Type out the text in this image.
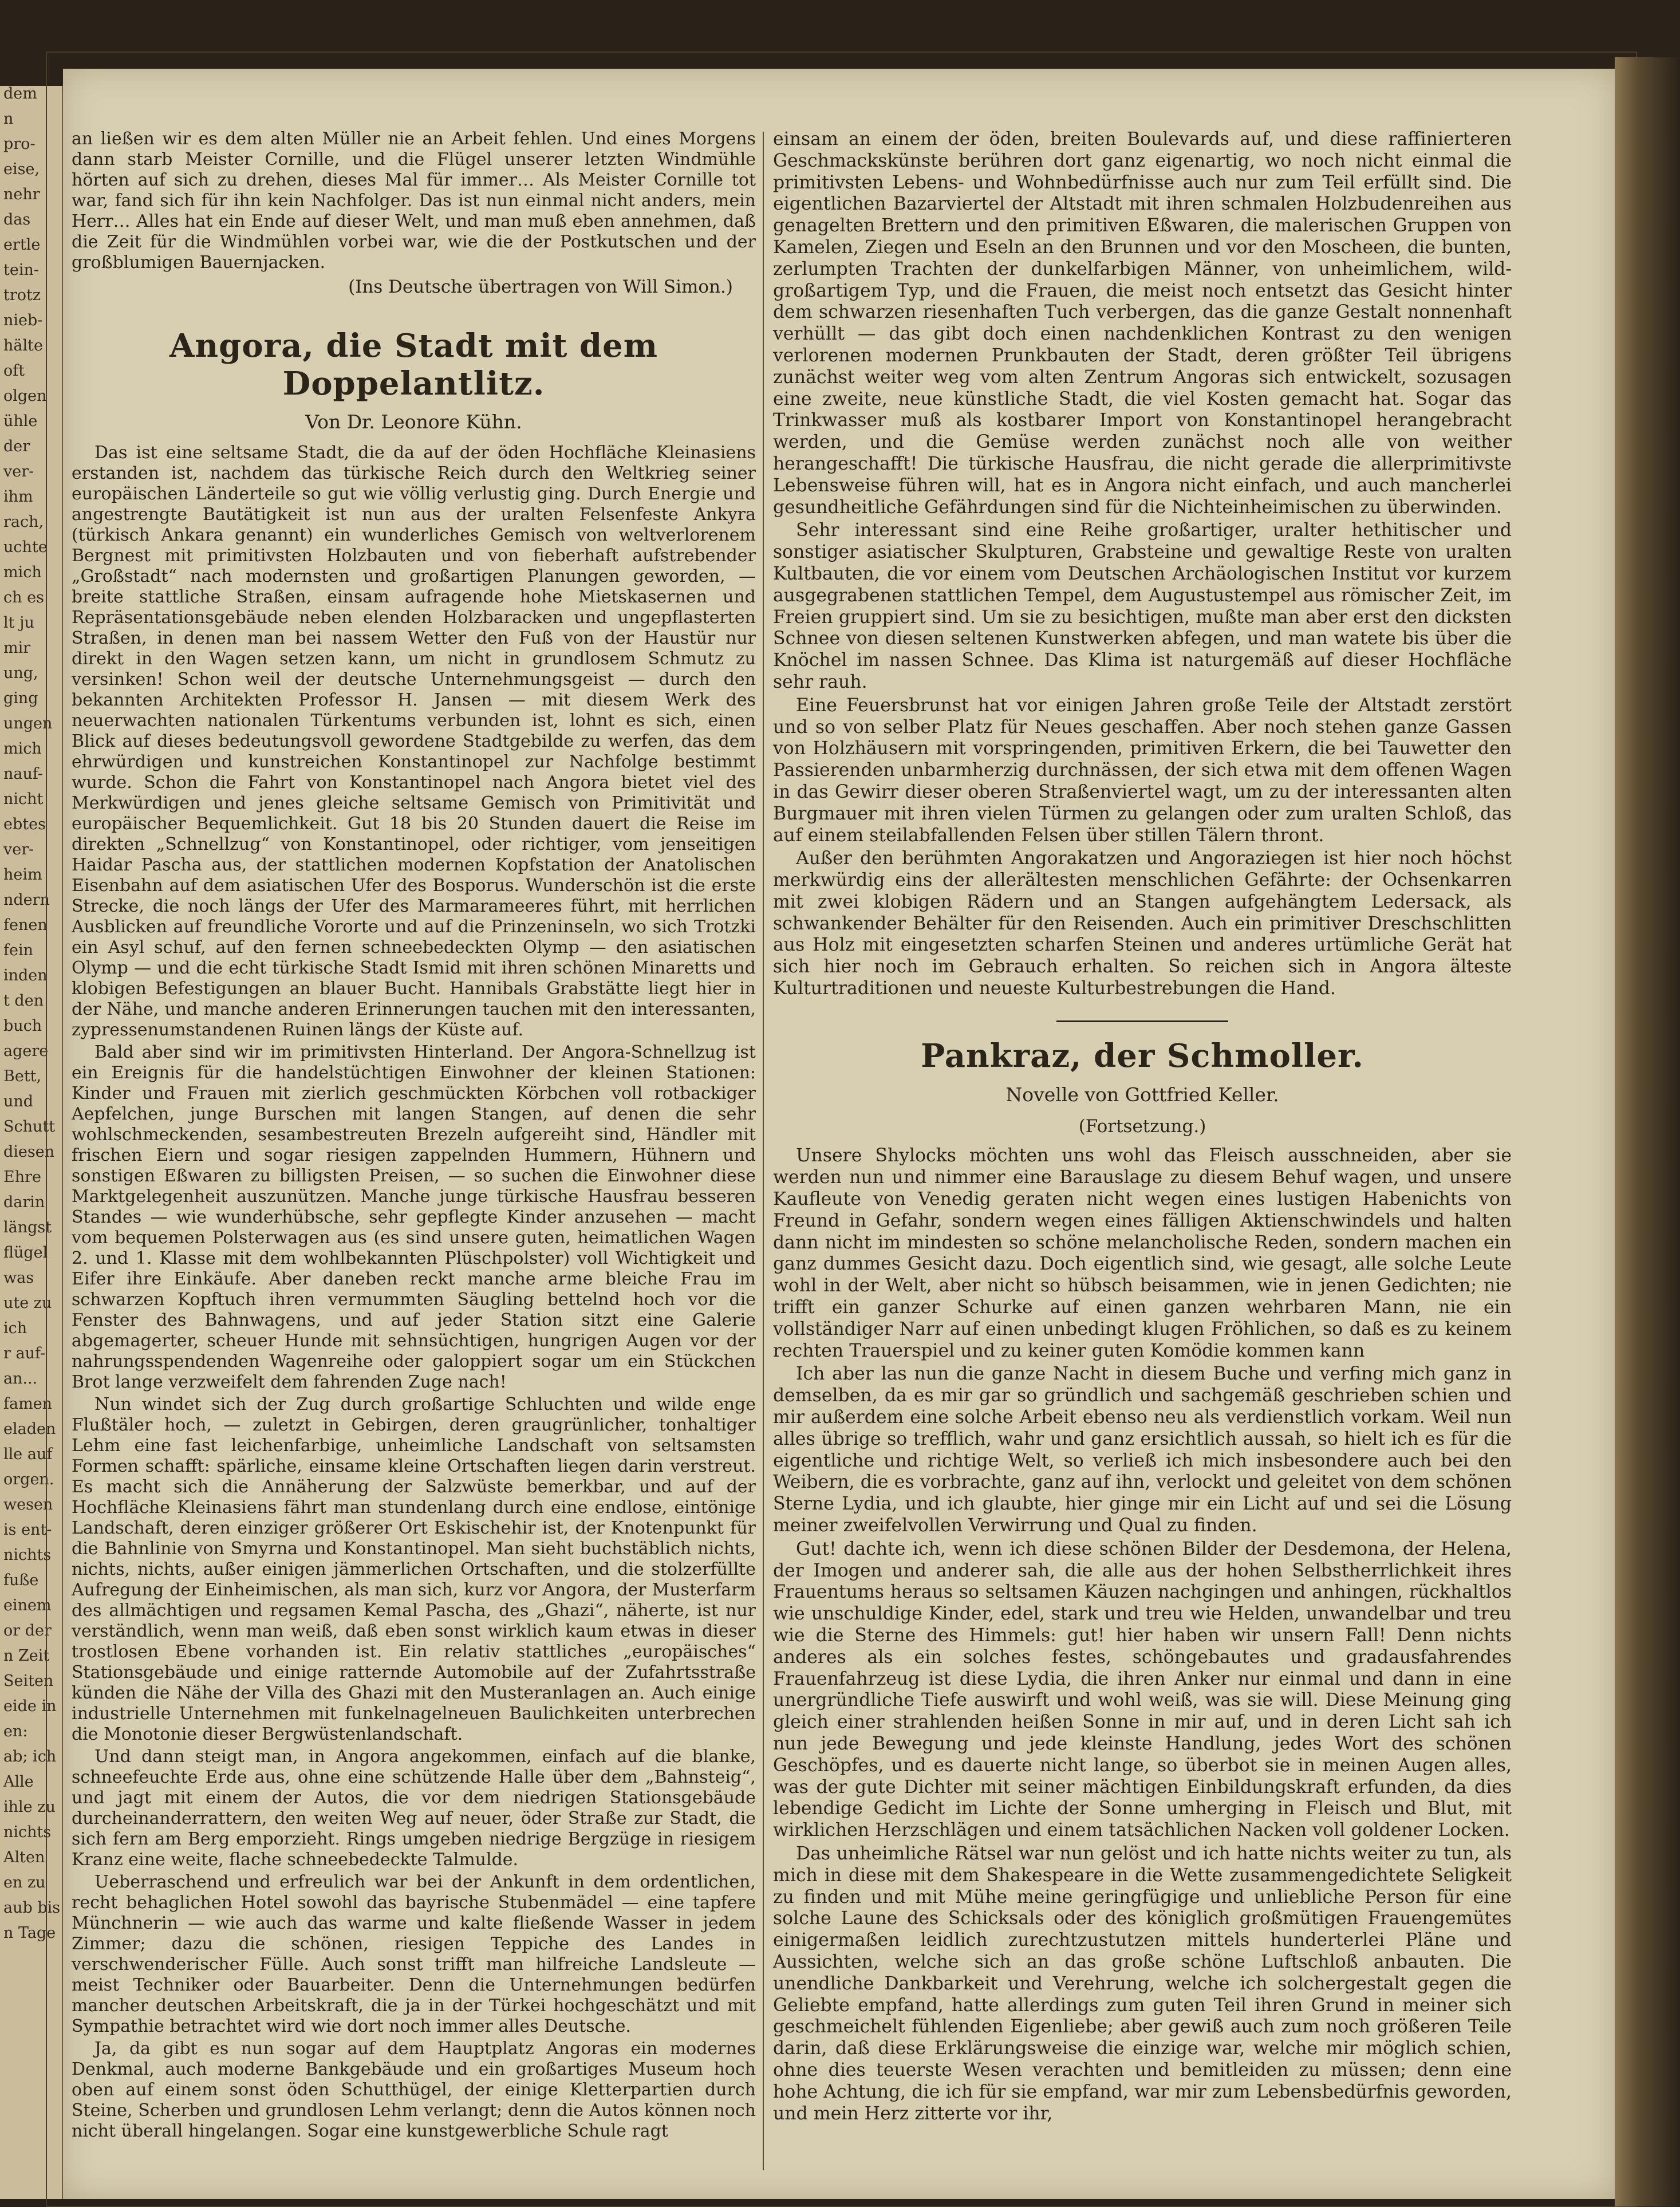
dem
n
pro-
eise,
nehr
das
ertle
tein-
trotz
nieb-
hälte
oft
olgen
ühle
der
ver-
ihm
rach,
uchte
mich
ch es
lt ju
mir
ung,
ging
ungen
mich
nauf-
nicht
ebtes
ver-
heim
ndern
fenen
fein
inden
t den
buch
agere
Bett,
und
Schutt
diesen
Ehre
darin
längst
flügel
was
ute zu
ich
r auf-
an...
famen
eladen
lle auf
orgen.
wesen
is ent-
nichts
fuße
einem
or der
n Zeit
Seiten
eide in
en:
ab; ich
Alle
ihle zu
nichts
Alten
en zu
aub bis
n Tage

an ließen wir es dem alten Müller nie an Arbeit fehlen. Und eines Morgens dann starb Meister Cornille, und die Flügel unserer letzten Windmühle hörten auf sich zu drehen, dieses Mal für immer… Als Meister Cornille tot war, fand sich für ihn kein Nachfolger. Das ist nun einmal nicht anders, mein Herr… Alles hat ein Ende auf dieser Welt, und man muß eben annehmen, daß die Zeit für die Windmühlen vorbei war, wie die der Postkutschen und der großblumigen Bauernjacken.

(Ins Deutsche übertragen von Will Simon.)
Angora, die Stadt mit dem Doppelantlitz.
Von Dr. Leonore Kühn.

Das ist eine seltsame Stadt, die da auf der öden Hochfläche Kleinasiens erstanden ist, nachdem das türkische Reich durch den Weltkrieg seiner europäischen Länderteile so gut wie völlig verlustig ging. Durch Energie und angestrengte Bautätigkeit ist nun aus der uralten Felsenfeste Ankyra (türkisch Ankara genannt) ein wunderliches Gemisch von weltverlorenem Bergnest mit primitivsten Holzbauten und von fieberhaft aufstrebender „Großstadt“ nach modernsten und großartigen Planungen geworden, — breite stattliche Straßen, einsam aufragende hohe Mietskasernen und Repräsentationsgebäude neben elenden Holzbaracken und ungepflasterten Straßen, in denen man bei nassem Wetter den Fuß von der Haustür nur direkt in den Wagen setzen kann, um nicht in grundlosem Schmutz zu versinken! Schon weil der deutsche Unternehmungsgeist — durch den bekannten Architekten Professor H. Jansen — mit diesem Werk des neuerwachten nationalen Türkentums verbunden ist, lohnt es sich, einen Blick auf dieses bedeutungsvoll gewordene Stadtgebilde zu werfen, das dem ehrwürdigen und kunstreichen Konstantinopel zur Nachfolge bestimmt wurde. Schon die Fahrt von Konstantinopel nach Angora bietet viel des Merkwürdigen und jenes gleiche seltsame Gemisch von Primitivität und europäischer Bequemlichkeit. Gut 18 bis 20 Stunden dauert die Reise im direkten „Schnellzug“ von Konstantinopel, oder richtiger, vom jenseitigen Haidar Pascha aus, der stattlichen modernen Kopfstation der Anatolischen Eisenbahn auf dem asiatischen Ufer des Bosporus. Wunderschön ist die erste Strecke, die noch längs der Ufer des Marmarameeres führt, mit herrlichen Ausblicken auf freundliche Vororte und auf die Prinzeninseln, wo sich Trotzki ein Asyl schuf, auf den fernen schneebedeckten Olymp — den asiatischen Olymp — und die echt türkische Stadt Ismid mit ihren schönen Minaretts und klobigen Befestigungen an blauer Bucht. Hannibals Grabstätte liegt hier in der Nähe, und manche anderen Erinnerungen tauchen mit den interessanten, zypressenumstandenen Ruinen längs der Küste auf.

Bald aber sind wir im primitivsten Hinterland. Der Angora-Schnellzug ist ein Ereignis für die handelstüchtigen Einwohner der kleinen Stationen: Kinder und Frauen mit zierlich geschmückten Körbchen voll rotbackiger Aepfelchen, junge Burschen mit langen Stangen, auf denen die sehr wohlschmeckenden, sesambestreuten Brezeln aufgereiht sind, Händler mit frischen Eiern und sogar riesigen zappelnden Hummern, Hühnern und sonstigen Eßwaren zu billigsten Preisen, — so suchen die Einwohner diese Marktgelegenheit auszunützen. Manche junge türkische Hausfrau besseren Standes — wie wunderhübsche, sehr gepflegte Kinder anzusehen — macht vom bequemen Polsterwagen aus (es sind unsere guten, heimatlichen Wagen 2. und 1. Klasse mit dem wohlbekannten Plüschpolster) voll Wichtigkeit und Eifer ihre Einkäufe. Aber daneben reckt manche arme bleiche Frau im schwarzen Kopftuch ihren vermummten Säugling bettelnd hoch vor die Fenster des Bahnwagens, und auf jeder Station sitzt eine Galerie abgemagerter, scheuer Hunde mit sehnsüchtigen, hungrigen Augen vor der nahrungsspendenden Wagenreihe oder galoppiert sogar um ein Stückchen Brot lange verzweifelt dem fahrenden Zuge nach!

Nun windet sich der Zug durch großartige Schluchten und wilde enge Flußtäler hoch, — zuletzt in Gebirgen, deren graugrünlicher, tonhaltiger Lehm eine fast leichenfarbige, unheimliche Landschaft von seltsamsten Formen schafft: spärliche, einsame kleine Ortschaften liegen darin verstreut. Es macht sich die Annäherung der Salzwüste bemerkbar, und auf der Hochfläche Kleinasiens fährt man stundenlang durch eine endlose, eintönige Landschaft, deren einziger größerer Ort Eskischehir ist, der Knotenpunkt für die Bahnlinie von Smyrna und Konstantinopel. Man sieht buchstäblich nichts, nichts, nichts, außer einigen jämmerlichen Ortschaften, und die stolzerfüllte Aufregung der Einheimischen, als man sich, kurz vor Angora, der Musterfarm des allmächtigen und regsamen Kemal Pascha, des „Ghazi“, näherte, ist nur verständlich, wenn man weiß, daß eben sonst wirklich kaum etwas in dieser trostlosen Ebene vorhanden ist. Ein relativ stattliches „europäisches“ Stationsgebäude und einige ratternde Automobile auf der Zufahrtsstraße künden die Nähe der Villa des Ghazi mit den Musteranlagen an. Auch einige industrielle Unternehmen mit funkelnagelneuen Baulichkeiten unterbrechen die Monotonie dieser Bergwüstenlandschaft.

Und dann steigt man, in Angora angekommen, einfach auf die blanke, schneefeuchte Erde aus, ohne eine schützende Halle über dem „Bahnsteig“, und jagt mit einem der Autos, die vor dem niedrigen Stationsgebäude durcheinanderrattern, den weiten Weg auf neuer, öder Straße zur Stadt, die sich fern am Berg emporzieht. Rings umgeben niedrige Bergzüge in riesigem Kranz eine weite, flache schneebedeckte Talmulde.

Ueberraschend und erfreulich war bei der Ankunft in dem ordentlichen, recht behaglichen Hotel sowohl das bayrische Stubenmädel — eine tapfere Münchnerin — wie auch das warme und kalte fließende Wasser in jedem Zimmer; dazu die schönen, riesigen Teppiche des Landes in verschwenderischer Fülle. Auch sonst trifft man hilfreiche Landsleute — meist Techniker oder Bauarbeiter. Denn die Unternehmungen bedürfen mancher deutschen Arbeitskraft, die ja in der Türkei hochgeschätzt und mit Sympathie betrachtet wird wie dort noch immer alles Deutsche.

Ja, da gibt es nun sogar auf dem Hauptplatz Angoras ein modernes Denkmal, auch moderne Bankgebäude und ein großartiges Museum hoch oben auf einem sonst öden Schutthügel, der einige Kletterpartien durch Steine, Scherben und grundlosen Lehm verlangt; denn die Autos können noch nicht überall hingelangen. Sogar eine kunstgewerbliche Schule ragt

einsam an einem der öden, breiten Boulevards auf, und diese raffinierteren Geschmackskünste berühren dort ganz eigenartig, wo noch nicht einmal die primitivsten Lebens- und Wohnbedürfnisse auch nur zum Teil erfüllt sind. Die eigentlichen Bazarviertel der Altstadt mit ihren schmalen Holzbudenreihen aus genagelten Brettern und den primitiven Eßwaren, die malerischen Gruppen von Kamelen, Ziegen und Eseln an den Brunnen und vor den Moscheen, die bunten, zerlumpten Trachten der dunkelfarbigen Männer, von unheimlichem, wild-großartigem Typ, und die Frauen, die meist noch entsetzt das Gesicht hinter dem schwarzen riesenhaften Tuch verbergen, das die ganze Gestalt nonnenhaft verhüllt — das gibt doch einen nachdenklichen Kontrast zu den wenigen verlorenen modernen Prunkbauten der Stadt, deren größter Teil übrigens zunächst weiter weg vom alten Zentrum Angoras sich entwickelt, sozusagen eine zweite, neue künstliche Stadt, die viel Kosten gemacht hat. Sogar das Trinkwasser muß als kostbarer Import von Konstantinopel herangebracht werden, und die Gemüse werden zunächst noch alle von weither herangeschafft! Die türkische Hausfrau, die nicht gerade die allerprimitivste Lebensweise führen will, hat es in Angora nicht einfach, und auch mancherlei gesundheitliche Gefährdungen sind für die Nichteinheimischen zu überwinden.

Sehr interessant sind eine Reihe großartiger, uralter hethitischer und sonstiger asiatischer Skulpturen, Grabsteine und gewaltige Reste von uralten Kultbauten, die vor einem vom Deutschen Archäologischen Institut vor kurzem ausgegrabenen stattlichen Tempel, dem Augustustempel aus römischer Zeit, im Freien gruppiert sind. Um sie zu besichtigen, mußte man aber erst den dicksten Schnee von diesen seltenen Kunstwerken abfegen, und man watete bis über die Knöchel im nassen Schnee. Das Klima ist naturgemäß auf dieser Hochfläche sehr rauh.

Eine Feuersbrunst hat vor einigen Jahren große Teile der Altstadt zerstört und so von selber Platz für Neues geschaffen. Aber noch stehen ganze Gassen von Holzhäusern mit vorspringenden, primitiven Erkern, die bei Tauwetter den Passierenden unbarmherzig durchnässen, der sich etwa mit dem offenen Wagen in das Gewirr dieser oberen Straßenviertel wagt, um zu der interessanten alten Burgmauer mit ihren vielen Türmen zu gelangen oder zum uralten Schloß, das auf einem steilabfallenden Felsen über stillen Tälern thront.

Außer den berühmten Angorakatzen und Angoraziegen ist hier noch höchst merkwürdig eins der allerältesten menschlichen Gefährte: der Ochsenkarren mit zwei klobigen Rädern und an Stangen aufgehängtem Ledersack, als schwankender Behälter für den Reisenden. Auch ein primitiver Dreschschlitten aus Holz mit eingesetzten scharfen Steinen und anderes urtümliche Gerät hat sich hier noch im Gebrauch erhalten. So reichen sich in Angora älteste Kulturtraditionen und neueste Kulturbestrebungen die Hand.

Pankraz, der Schmoller.
Novelle von Gottfried Keller.
(Fortsetzung.)

Unsere Shylocks möchten uns wohl das Fleisch ausschneiden, aber sie werden nun und nimmer eine Barauslage zu diesem Behuf wagen, und unsere Kaufleute von Venedig geraten nicht wegen eines lustigen Habenichts von Freund in Gefahr, sondern wegen eines fälligen Aktienschwindels und halten dann nicht im mindesten so schöne melancholische Reden, sondern machen ein ganz dummes Gesicht dazu. Doch eigentlich sind, wie gesagt, alle solche Leute wohl in der Welt, aber nicht so hübsch beisammen, wie in jenen Gedichten; nie trifft ein ganzer Schurke auf einen ganzen wehrbaren Mann, nie ein vollständiger Narr auf einen unbedingt klugen Fröhlichen, so daß es zu keinem rechten Trauerspiel und zu keiner guten Komödie kommen kann

Ich aber las nun die ganze Nacht in diesem Buche und verfing mich ganz in demselben, da es mir gar so gründlich und sachgemäß geschrieben schien und mir außerdem eine solche Arbeit ebenso neu als verdienstlich vorkam. Weil nun alles übrige so trefflich, wahr und ganz ersichtlich aussah, so hielt ich es für die eigentliche und richtige Welt, so verließ ich mich insbesondere auch bei den Weibern, die es vorbrachte, ganz auf ihn, verlockt und geleitet von dem schönen Sterne Lydia, und ich glaubte, hier ginge mir ein Licht auf und sei die Lösung meiner zweifelvollen Verwirrung und Qual zu finden.

Gut! dachte ich, wenn ich diese schönen Bilder der Desdemona, der Helena, der Imogen und anderer sah, die alle aus der hohen Selbstherrlichkeit ihres Frauentums heraus so seltsamen Käuzen nachgingen und anhingen, rückhaltlos wie unschuldige Kinder, edel, stark und treu wie Helden, unwandelbar und treu wie die Sterne des Himmels: gut! hier haben wir unsern Fall! Denn nichts anderes als ein solches festes, schöngebautes und gradausfahrendes Frauenfahrzeug ist diese Lydia, die ihren Anker nur einmal und dann in eine unergründliche Tiefe auswirft und wohl weiß, was sie will. Diese Meinung ging gleich einer strahlenden heißen Sonne in mir auf, und in deren Licht sah ich nun jede Bewegung und jede kleinste Handlung, jedes Wort des schönen Geschöpfes, und es dauerte nicht lange, so überbot sie in meinen Augen alles, was der gute Dichter mit seiner mächtigen Einbildungskraft erfunden, da dies lebendige Gedicht im Lichte der Sonne umherging in Fleisch und Blut, mit wirklichen Herzschlägen und einem tatsächlichen Nacken voll goldener Locken.

Das unheimliche Rätsel war nun gelöst und ich hatte nichts weiter zu tun, als mich in diese mit dem Shakespeare in die Wette zusammengedichtete Seligkeit zu finden und mit Mühe meine geringfügige und unliebliche Person für eine solche Laune des Schicksals oder des königlich großmütigen Frauengemütes einigermaßen leidlich zurechtzustutzen mittels hunderterlei Pläne und Aussichten, welche sich an das große schöne Luftschloß anbauten. Die unendliche Dankbarkeit und Verehrung, welche ich solchergestalt gegen die Geliebte empfand, hatte allerdings zum guten Teil ihren Grund in meiner sich geschmeichelt fühlenden Eigenliebe; aber gewiß auch zum noch größeren Teile darin, daß diese Erklärungsweise die einzige war, welche mir möglich schien, ohne dies teuerste Wesen verachten und bemitleiden zu müssen; denn eine hohe Achtung, die ich für sie empfand, war mir zum Lebensbedürfnis geworden, und mein Herz zitterte vor ihr,
